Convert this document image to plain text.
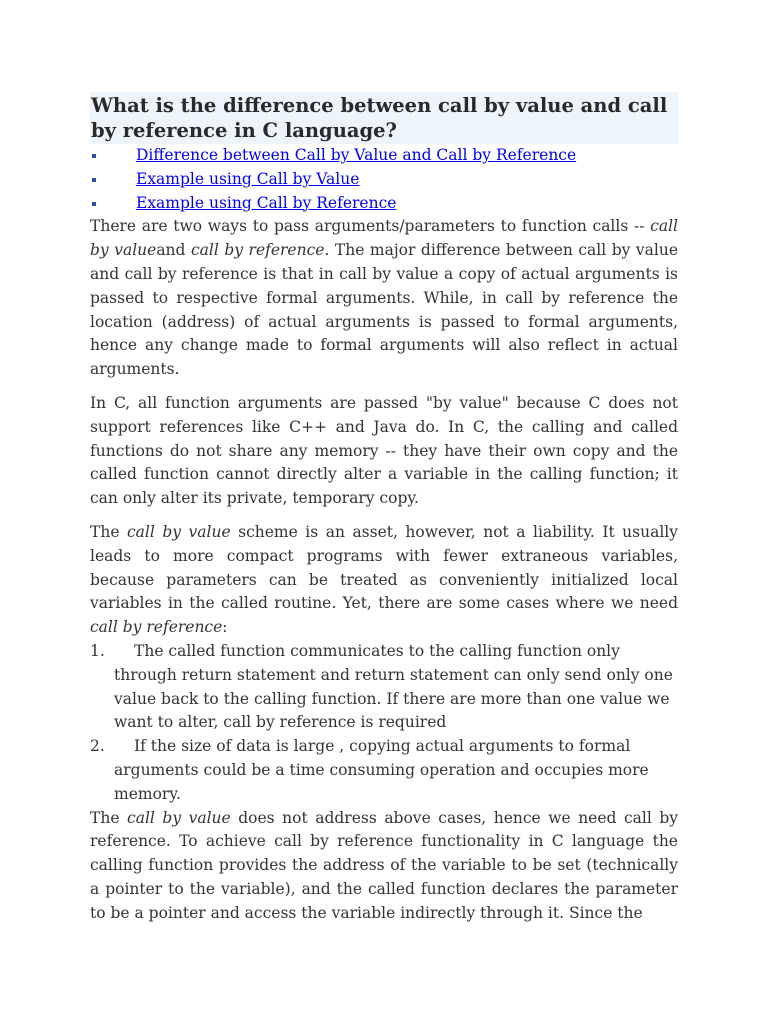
What is the difference between call by value and call by reference in C language?
Difference between Call by Value and Call by Reference
Example using Call by Value
Example using Call by Reference

There are two ways to pass arguments/parameters to function calls -- call by valueand call by reference. The major difference between call by value and call by reference is that in call by value a copy of actual arguments is passed to respective formal arguments. While, in call by reference the location (address) of actual arguments is passed to formal arguments, hence any change made to formal arguments will also reflect in actual arguments.

In C, all function arguments are passed "by value" because C does not support references like C++ and Java do. In C, the calling and called functions do not share any memory -- they have their own copy and the called function cannot directly alter a variable in the calling function; it can only alter its private, temporary copy.

The call by value scheme is an asset, however, not a liability. It usually leads to more compact programs with fewer extraneous variables, because parameters can be treated as conveniently initialized local variables in the called routine. Yet, there are some cases where we need call by reference:

1. The called function communicates to the calling function only through return statement and return statement can only send only one value back to the calling function. If there are more than one value we want to alter, call by reference is required
2. If the size of data is large , copying actual arguments to formal arguments could be a time consuming operation and occupies more memory.

The call by value does not address above cases, hence we need call by reference. To achieve call by reference functionality in C language the calling function provides the address of the variable to be set (technically a pointer to the variable), and the called function declares the parameter to be a pointer and access the variable indirectly through it. Since the
